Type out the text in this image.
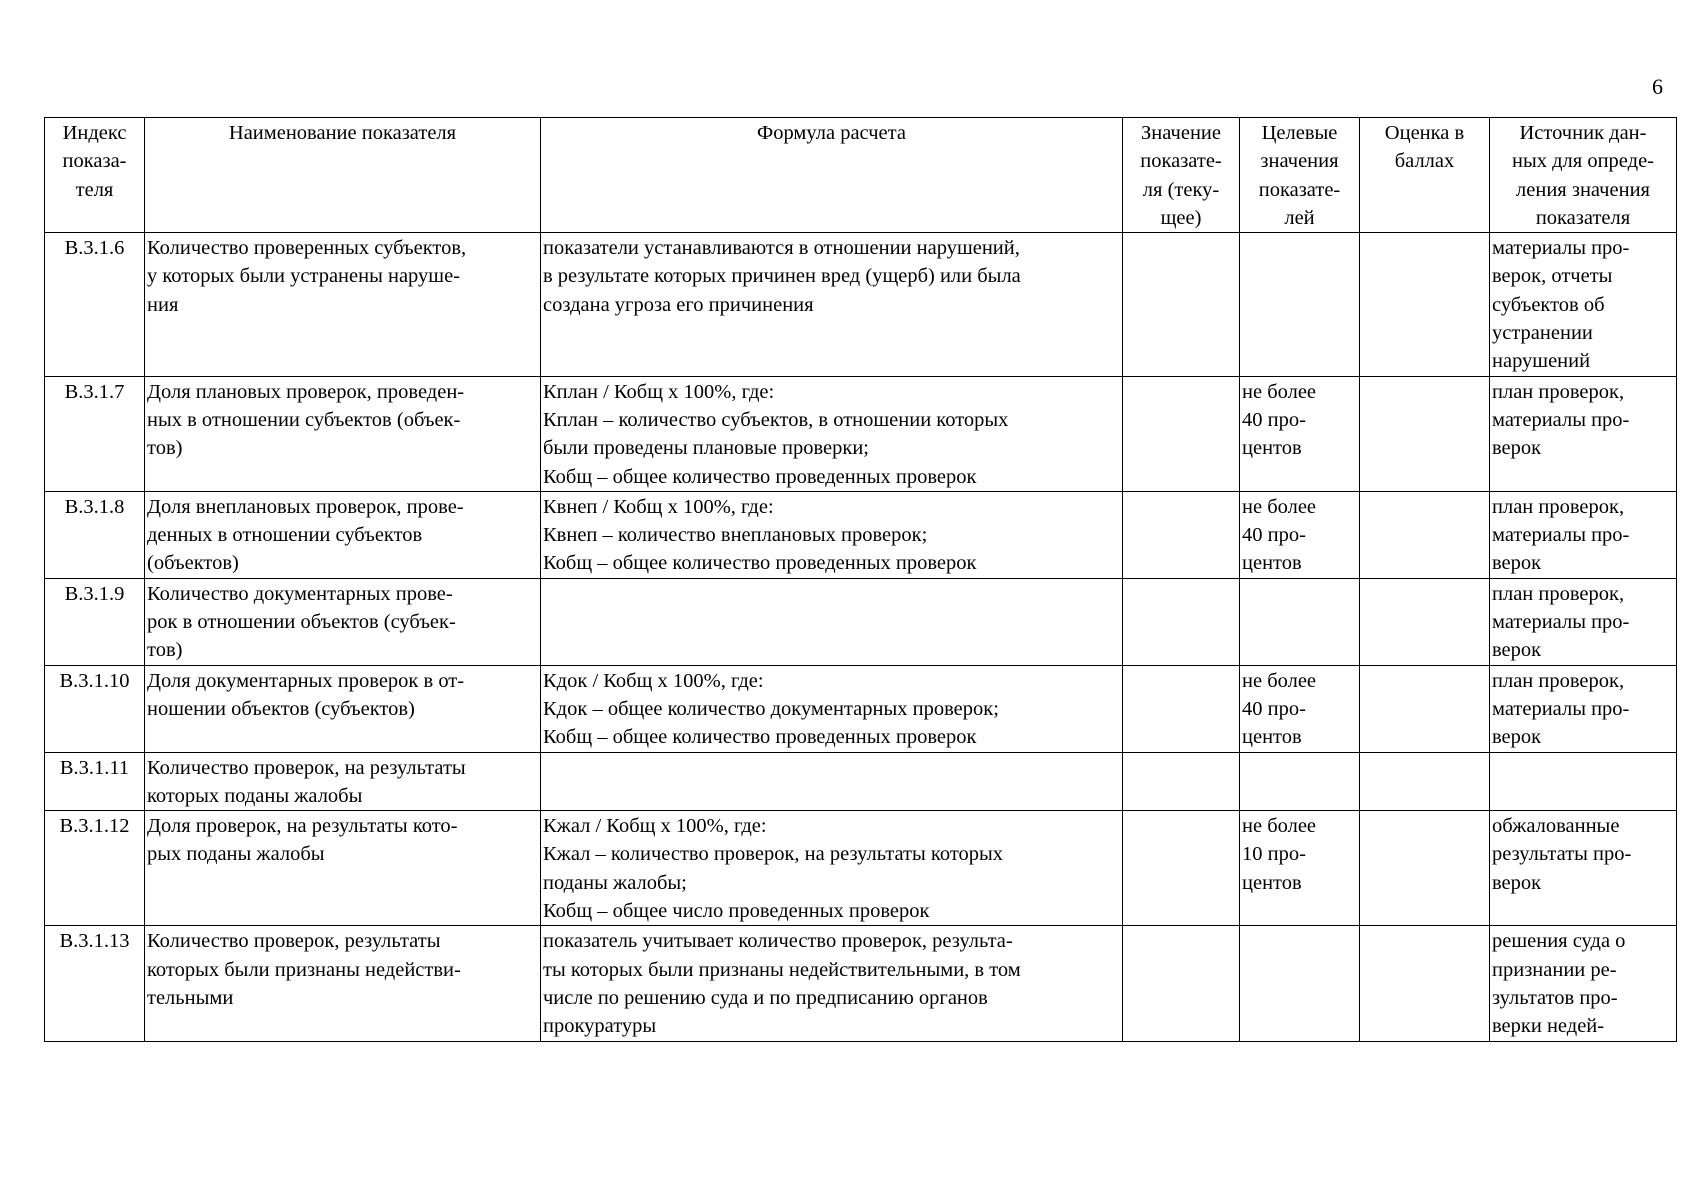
6
Индекс
показа-
теля	Наименование показателя	Формула расчета	Значение
показате-
ля (теку-
щее)	Целевые
значения
показате-
лей	Оценка в
баллах	Источник дан-
ных для опреде-
ления значения
показателя
В.3.1.6	Количество проверенных субъектов,
у которых были устранены наруше-
ния	показатели устанавливаются в отношении нарушений,
в результате которых причинен вред (ущерб) или была
создана угроза его причинения				материалы про-
верок, отчеты
субъектов об
устранении
нарушений
В.3.1.7	Доля плановых проверок, проведен-
ных в отношении субъектов (объек-
тов)	Кплан / Кобщ х 100%, где:
Кплан – количество субъектов, в отношении которых
были проведены плановые проверки;
Кобщ – общее количество проведенных проверок		не более
40 про-
центов		план проверок,
материалы про-
верок
В.3.1.8	Доля внеплановых проверок, прове-
денных в отношении субъектов
(объектов)	Квнеп / Кобщ х 100%, где:
Квнеп – количество внеплановых проверок;
Кобщ – общее количество проведенных проверок		не более
40 про-
центов		план проверок,
материалы про-
верок
В.3.1.9	Количество документарных прове-
рок в отношении объектов (субъек-
тов)					план проверок,
материалы про-
верок
В.3.1.10	Доля документарных проверок в от-
ношении объектов (субъектов)	Кдок / Кобщ х 100%, где:
Кдок – общее количество документарных проверок;
Кобщ – общее количество проведенных проверок		не более
40 про-
центов		план проверок,
материалы про-
верок
В.3.1.11	Количество проверок, на результаты
которых поданы жалобы					
В.3.1.12	Доля проверок, на результаты кото-
рых поданы жалобы	Кжал / Кобщ х 100%, где:
Кжал – количество проверок, на результаты которых
поданы жалобы;
Кобщ – общее число проведенных проверок		не более
10 про-
центов		обжалованные
результаты про-
верок
В.3.1.13	Количество проверок, результаты
которых были признаны недействи-
тельными	показатель учитывает количество проверок, результа-
ты которых были признаны недействительными, в том
числе по решению суда и по предписанию органов
прокуратуры				решения суда о
признании ре-
зультатов про-
верки недей-
